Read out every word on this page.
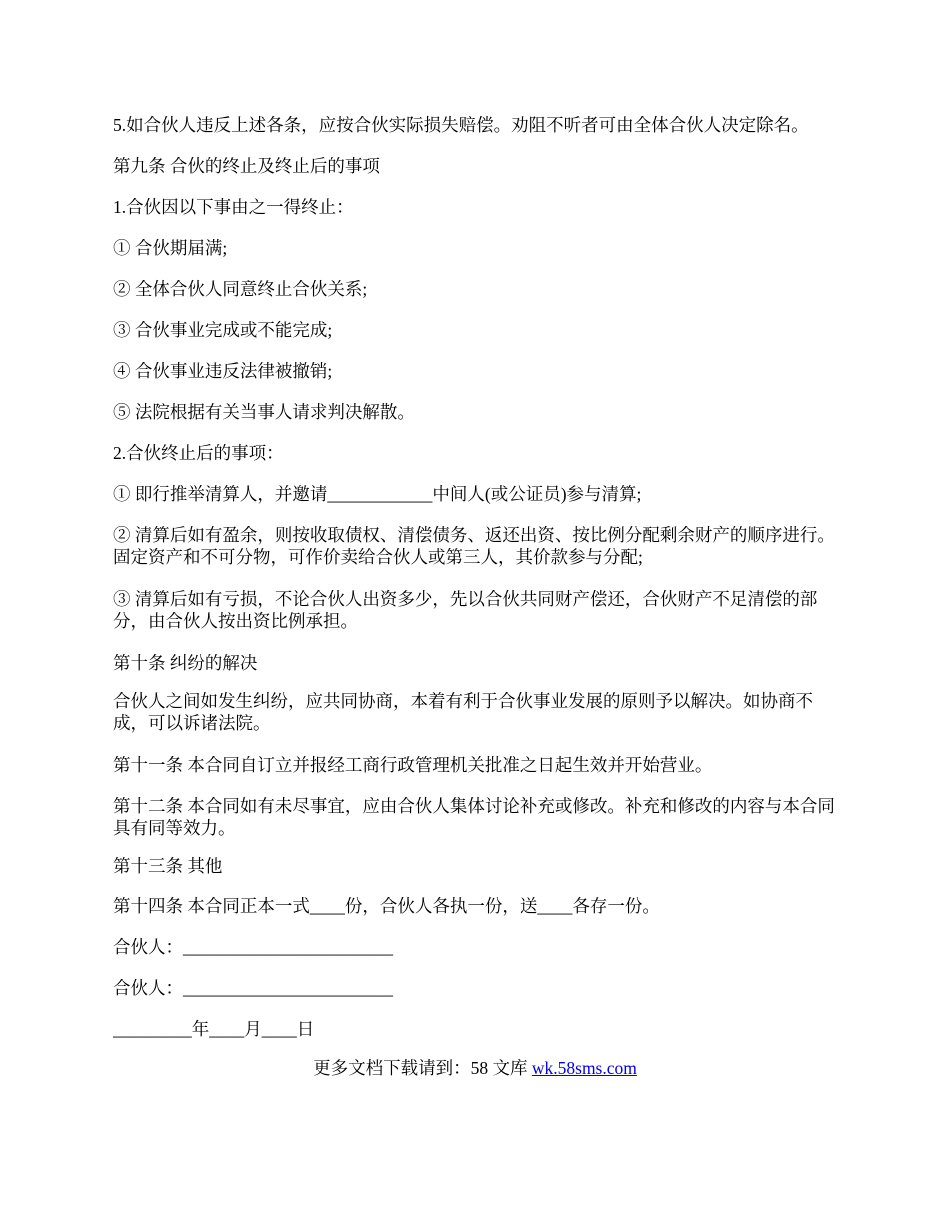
5.如合伙人违反上述各条，应按合伙实际损失赔偿。劝阻不听者可由全体合伙人决定除名。

第九条 合伙的终止及终止后的事项

1.合伙因以下事由之一得终止：

① 合伙期届满;

② 全体合伙人同意终止合伙关系;

③ 合伙事业完成或不能完成;

④ 合伙事业违反法律被撤销;

⑤ 法院根据有关当事人请求判决解散。

2.合伙终止后的事项：

① 即行推举清算人，并邀请____________中间人(或公证员)参与清算;

② 清算后如有盈余，则按收取债权、清偿债务、返还出资、按比例分配剩余财产的顺序进行。固定资产和不可分物，可作价卖给合伙人或第三人，其价款参与分配;

③ 清算后如有亏损，不论合伙人出资多少，先以合伙共同财产偿还，合伙财产不足清偿的部分，由合伙人按出资比例承担。

第十条 纠纷的解决

合伙人之间如发生纠纷，应共同协商，本着有利于合伙事业发展的原则予以解决。如协商不成，可以诉诸法院。

第十一条 本合同自订立并报经工商行政管理机关批准之日起生效并开始营业。

第十二条 本合同如有未尽事宜，应由合伙人集体讨论补充或修改。补充和修改的内容与本合同具有同等效力。

第十三条 其他

第十四条 本合同正本一式____份，合伙人各执一份，送____各存一份。

合伙人：________________________

合伙人：________________________

_________年____月____日

更多文档下载请到：58 文库 wk.58sms.com
